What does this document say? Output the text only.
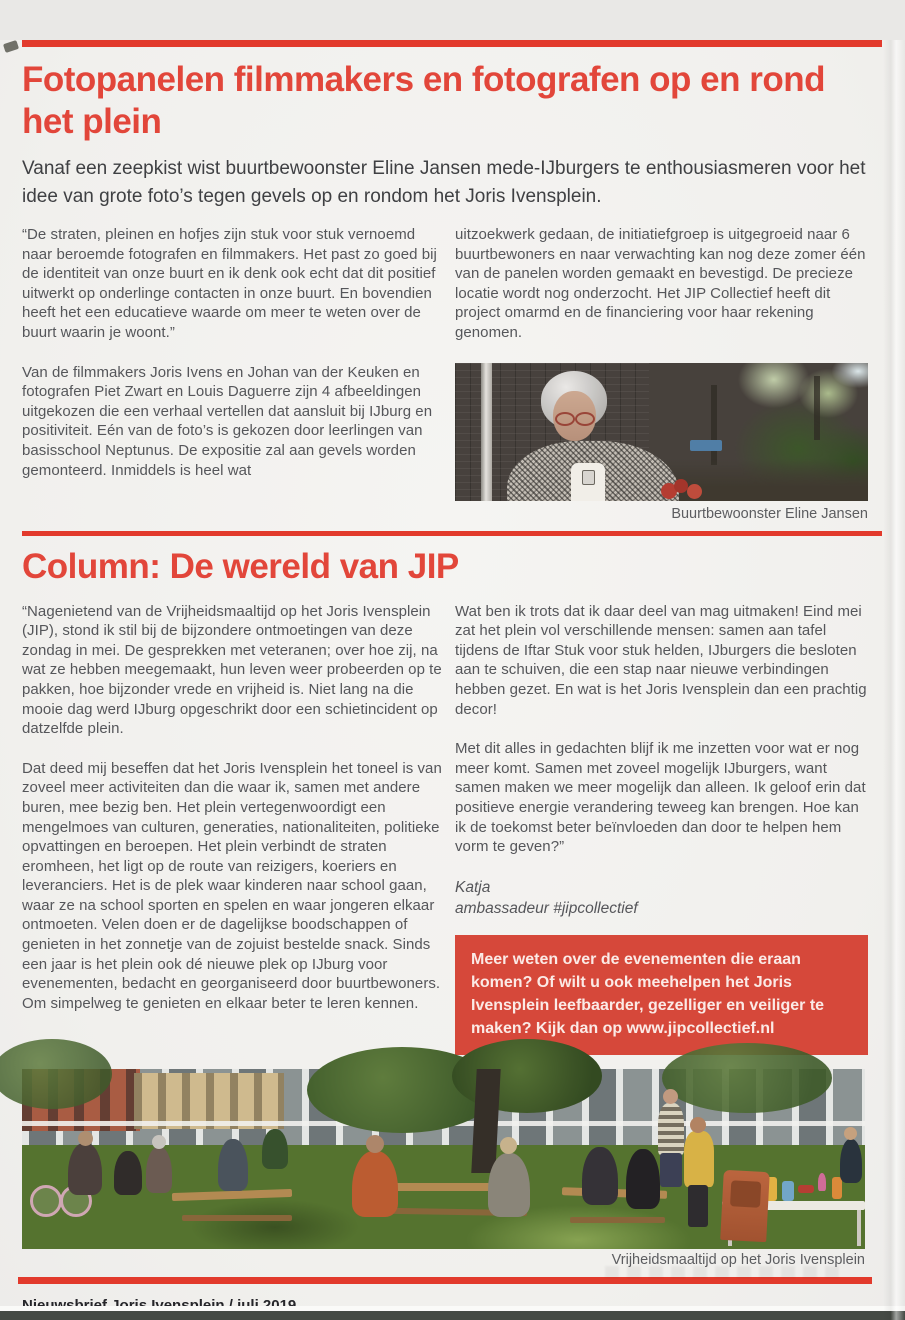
Fotopanelen filmmakers en fotografen op en rond het plein

Vanaf een zeepkist wist buurtbewoonster Eline Jansen mede-IJburgers te enthousiasmeren voor het idee van grote foto’s tegen gevels op en rondom het Joris Ivensplein.

“De straten, pleinen en hofjes zijn stuk voor stuk vernoemd naar beroemde fotografen en filmmakers. Het past zo goed bij de identiteit van onze buurt en ik denk ook echt dat dit positief uitwerkt op onderlinge contacten in onze buurt. En bovendien heeft het een educatieve waarde om meer te weten over de buurt waarin je woont.”

Van de filmmakers Joris Ivens en Johan van der Keuken en fotografen Piet Zwart en Louis Daguerre zijn 4 afbeeldingen uitgekozen die een verhaal vertellen dat aansluit bij IJburg en positiviteit. Eén van de foto’s is gekozen door leerlingen van basisschool Neptunus. De expositie zal aan gevels worden gemonteerd. Inmiddels is heel wat

uitzoekwerk gedaan, de initiatiefgroep is uitgegroeid naar 6 buurtbewoners en naar verwachting kan nog deze zomer één van de panelen worden gemaakt en bevestigd. De precieze locatie wordt nog onderzocht. Het JIP Collectief heeft dit project omarmd en de financiering voor haar rekening genomen.

Buurtbewoonster Eline Jansen
Column: De wereld van JIP

“Nagenietend van de Vrijheidsmaaltijd op het Joris Ivensplein (JIP), stond ik stil bij de bijzondere ontmoetingen van deze zondag in mei. De gesprekken met veteranen; over hoe zij, na wat ze hebben meegemaakt, hun leven weer probeerden op te pakken, hoe bijzonder vrede en vrijheid is. Niet lang na die mooie dag werd IJburg opgeschrikt door een schietincident op datzelfde plein.

Dat deed mij beseffen dat het Joris Ivensplein het toneel is van zoveel meer activiteiten dan die waar ik, samen met andere buren, mee bezig ben. Het plein vertegenwoordigt een mengelmoes van culturen, generaties, nationaliteiten, politieke opvattingen en beroepen. Het plein verbindt de straten eromheen, het ligt op de route van reizigers, koeriers en leveranciers. Het is de plek waar kinderen naar school gaan, waar ze na school sporten en spelen en waar jongeren elkaar ontmoeten. Velen doen er de dagelijkse boodschappen of genieten in het zonnetje van de zojuist bestelde snack. Sinds een jaar is het plein ook dé nieuwe plek op IJburg voor evenementen, bedacht en georganiseerd door buurtbewoners. Om simpelweg te genieten en elkaar beter te leren kennen.

Wat ben ik trots dat ik daar deel van mag uitmaken! Eind mei zat het plein vol verschillende mensen: samen aan tafel tijdens de Iftar Stuk voor stuk helden, IJburgers die besloten aan te schuiven, die een stap naar nieuwe verbindingen hebben gezet. En wat is het Joris Ivensplein dan een prachtig decor!

Met dit alles in gedachten blijf ik me inzetten voor wat er nog meer komt. Samen met zoveel mogelijk IJburgers, want samen maken we meer mogelijk dan alleen. Ik geloof erin dat positieve energie verandering teweeg kan brengen. Hoe kan ik de toekomst beter beïnvloeden dan door te helpen hem vorm te geven?”

Katja
ambassadeur #jipcollectief
Meer weten over de evenementen die eraan komen? Of wilt u ook meehelpen het Joris Ivensplein leefbaarder, gezelliger en veiliger te maken? Kijk dan op www.jipcollectief.nl
Vrijheidsmaaltijd op het Joris Ivensplein
